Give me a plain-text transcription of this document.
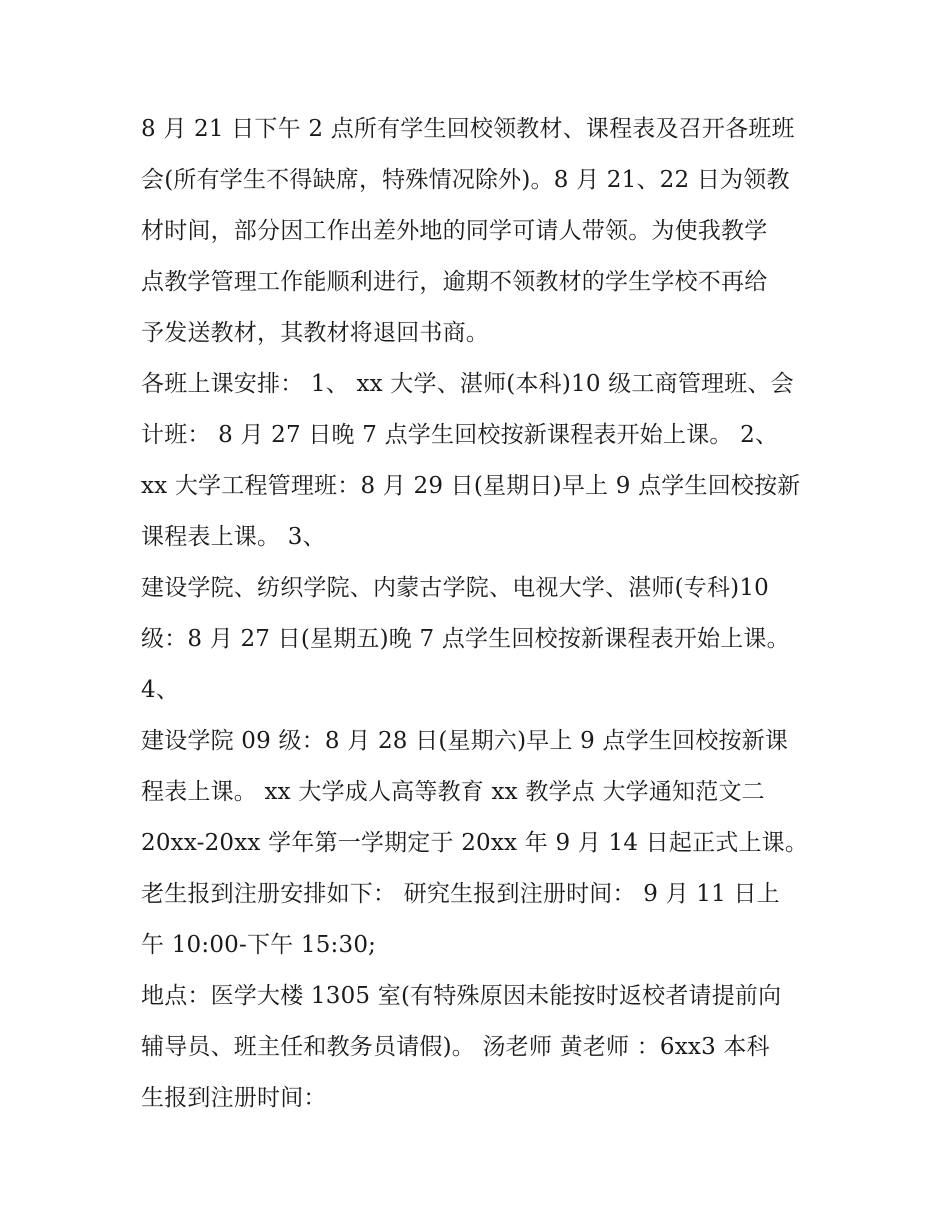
8 月 21 日下午 2 点所有学生回校领教材、课程表及召开各班班
会(所有学生不得缺席，特殊情况除外)。8 月 21、22 日为领教
材时间，部分因工作出差外地的同学可请人带领。为使我教学
点教学管理工作能顺利进行，逾期不领教材的学生学校不再给
予发送教材，其教材将退回书商。
各班上课安排： 1、 xx 大学、湛师(本科)10 级工商管理班、会
计班： 8 月 27 日晚 7 点学生回校按新课程表开始上课。 2、
xx 大学工程管理班：8 月 29 日(星期日)早上 9 点学生回校按新
课程表上课。 3、
建设学院、纺织学院、内蒙古学院、电视大学、湛师(专科)10
级：8 月 27 日(星期五)晚 7 点学生回校按新课程表开始上课。
4、
建设学院 09 级：8 月 28 日(星期六)早上 9 点学生回校按新课
程表上课。 xx 大学成人高等教育 xx 教学点 大学通知范文二
20xx-20xx 学年第一学期定于 20xx 年 9 月 14 日起正式上课。
老生报到注册安排如下： 研究生报到注册时间： 9 月 11 日上
午 10:00-下午 15:30;
地点：医学大楼 1305 室(有特殊原因未能按时返校者请提前向
辅导员、班主任和教务员请假)。 汤老师 黄老师 ：6xx3 本科
生报到注册时间：
